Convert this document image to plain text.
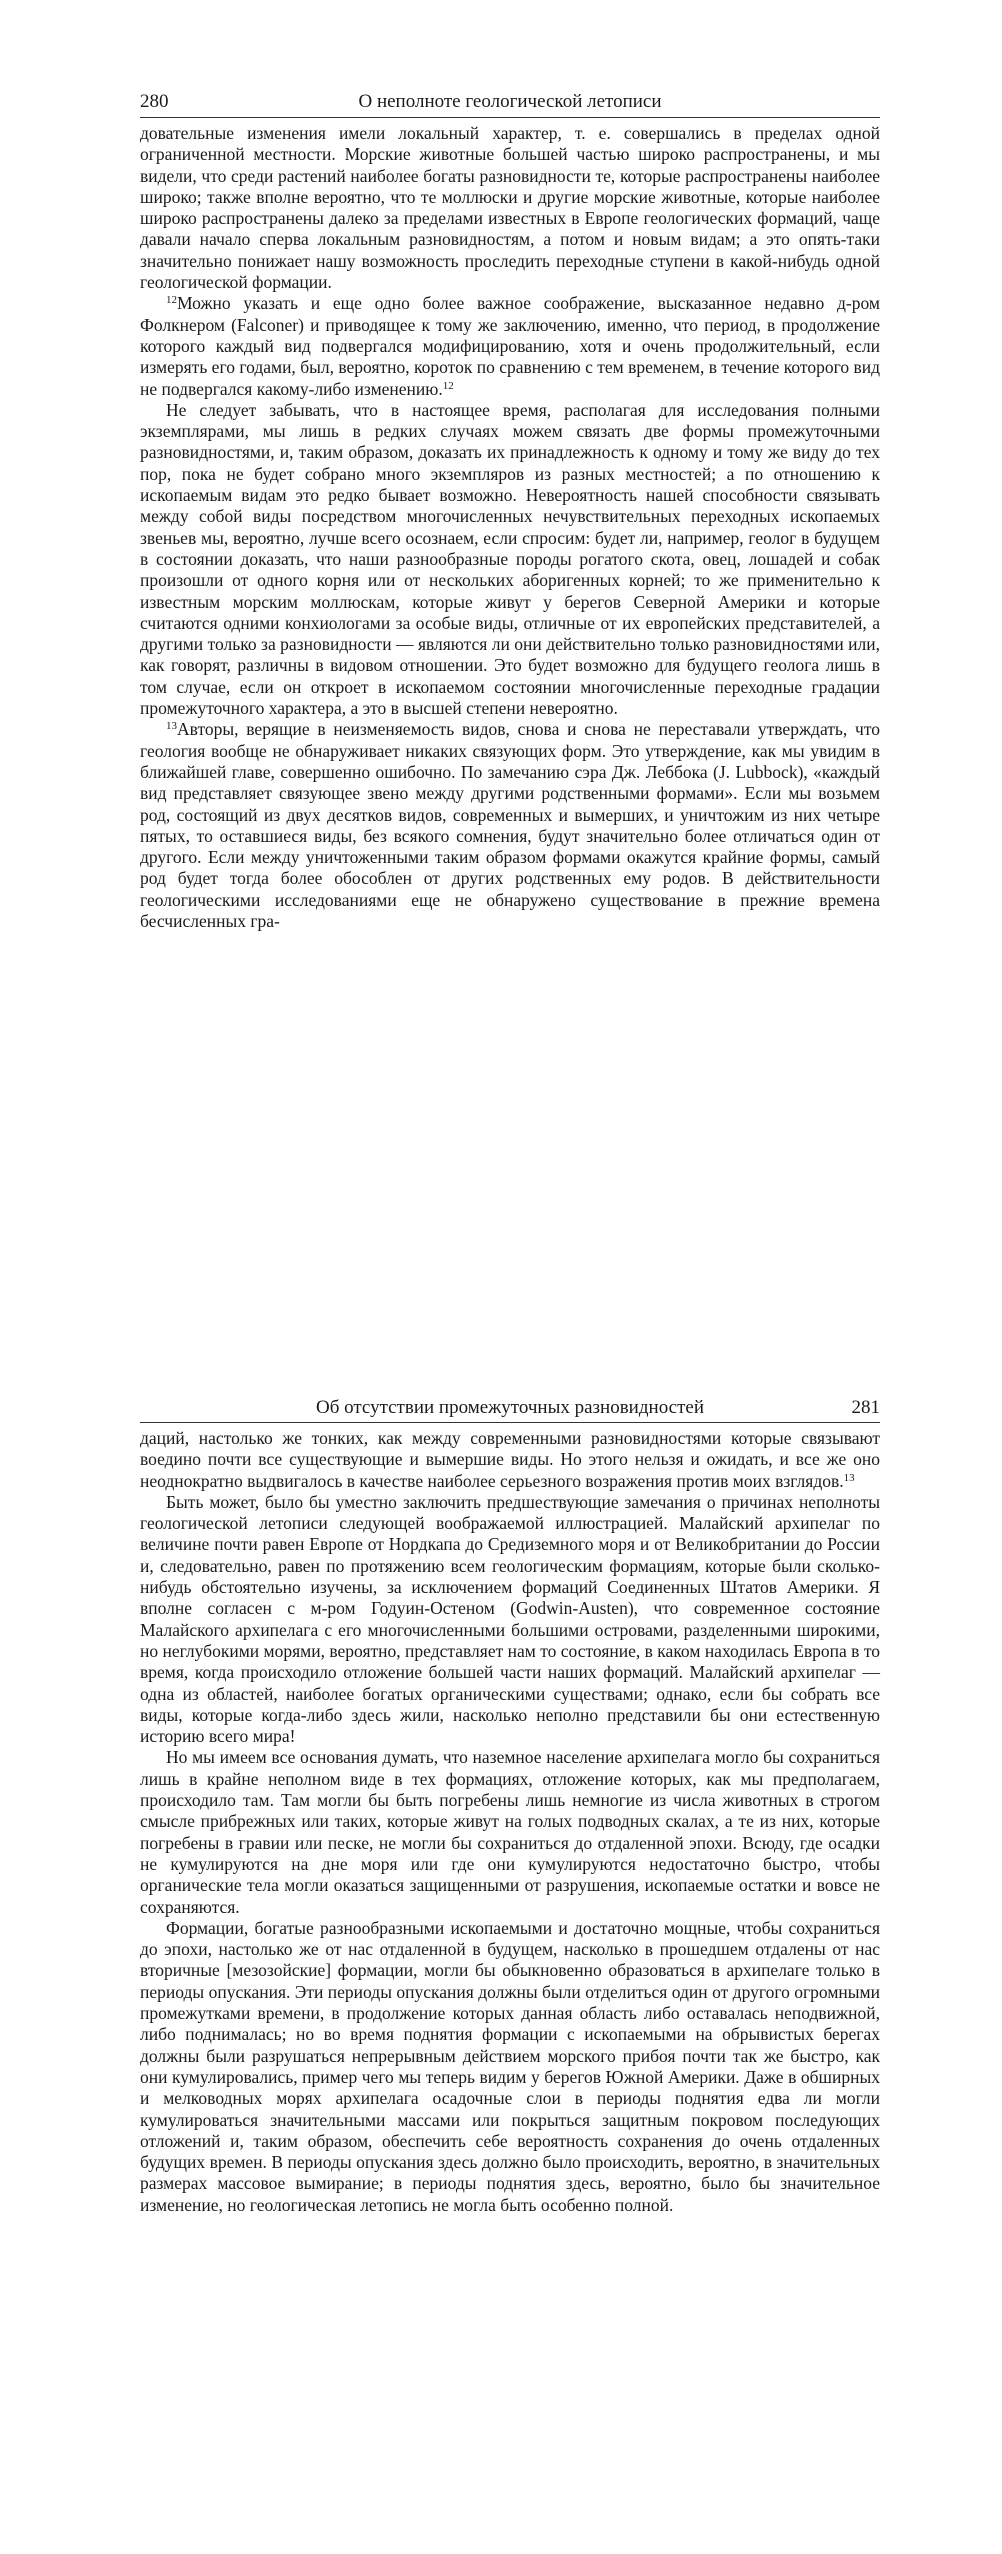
280	О неполноте геологической летописи

довательные изменения имели локальный характер, т. е. совершались в пределах одной ограниченной местности. Морские животные большей частью широко распространены, и мы видели, что среди растений наиболее богаты разновидности те, которые распространены наиболее широко; также вполне вероятно, что те моллюски и другие морские животные, которые наиболее широко распространены далеко за пределами известных в Европе геологических формаций, чаще давали начало сперва локальным разновидностям, а потом и новым видам; а это опять-таки значительно понижает нашу возможность проследить переходные ступени в какой-нибудь одной геологической формации.

$^{12}$Можно указать и еще одно более важное соображение, высказанное недавно д-ром Фолкнером (Falconer) и приводящее к тому же заключению, именно, что период, в продолжение которого каждый вид подвергался модифицированию, хотя и очень продолжительный, если измерять его годами, был, вероятно, короток по сравнению с тем временем, в течение которого вид не подвергался какому-либо изменению.$^{12}$

Не следует забывать, что в настоящее время, располагая для исследования полными экземплярами, мы лишь в редких случаях можем связать две формы промежуточными разновидностями, и, таким образом, доказать их принадлежность к одному и тому же виду до тех пор, пока не будет собрано много экземпляров из разных местностей; а по отношению к ископаемым видам это редко бывает возможно. Невероятность нашей способности связывать между собой виды посредством многочисленных нечувствительных переходных ископаемых звеньев мы, вероятно, лучше всего осознаем, если спросим: будет ли, например, геолог в будущем в состоянии доказать, что наши разнообразные породы рогатого скота, овец, лошадей и собак произошли от одного корня или от нескольких аборигенных корней; то же применительно к известным морским моллюскам, которые живут у берегов Северной Америки и которые считаются одними конхиологами за особые виды, отличные от их европейских представителей, а другими только за разновидности — являются ли они действительно только разновидностями или, как говорят, различны в видовом отношении. Это будет возможно для будущего геолога лишь в том случае, если он откроет в ископаемом состоянии многочисленные переходные градации промежуточного характера, а это в высшей степени невероятно.

$^{13}$Авторы, верящие в неизменяемость видов, снова и снова не переставали утверждать, что геология вообще не обнаруживает никаких связующих форм. Это утверждение, как мы увидим в ближайшей главе, совершенно ошибочно. По замечанию сэра Дж. Леббока (J. Lubbock), «каждый вид представляет связующее звено между другими родственными формами». Если мы возьмем род, состоящий из двух десятков видов, современных и вымерших, и уничтожим из них четыре пятых, то оставшиеся виды, без всякого сомнения, будут значительно более отличаться один от другого. Если между уничтоженными таким образом формами окажутся крайние формы, самый род будет тогда более обособлен от других родственных ему родов. В действительности геологическими исследованиями еще не обнаружено существование в прежние времена бесчисленных гра-

Об отсутствии промежуточных разновидностей	281

даций, настолько же тонких, как между современными разновидностями которые связывают воедино почти все существующие и вымершие виды. Но этого нельзя и ожидать, и все же оно неоднократно выдвигалось в качестве наиболее серьезного возражения против моих взглядов.$^{13}$

Быть может, было бы уместно заключить предшествующие замечания о причинах неполноты геологической летописи следующей воображаемой иллюстрацией. Малайский архипелаг по величине почти равен Европе от Нордкапа до Средиземного моря и от Великобритании до России и, следовательно, равен по протяжению всем геологическим формациям, которые были сколько-нибудь обстоятельно изучены, за исключением формаций Соединенных Штатов Америки. Я вполне согласен с м-ром Годуин-Остеном (Godwin-Austen), что современное состояние Малайского архипелага с его многочисленными большими островами, разделенными широкими, но неглубокими морями, вероятно, представляет нам то состояние, в каком находилась Европа в то время, когда происходило отложение большей части наших формаций. Малайский архипелаг — одна из областей, наиболее богатых органическими существами; однако, если бы собрать все виды, которые когда-либо здесь жили, насколько неполно представили бы они естественную историю всего мира!

Но мы имеем все основания думать, что наземное население архипелага могло бы сохраниться лишь в крайне неполном виде в тех формациях, отложение которых, как мы предполагаем, происходило там. Там могли бы быть погребены лишь немногие из числа животных в строгом смысле прибрежных или таких, которые живут на голых подводных скалах, а те из них, которые погребены в гравии или песке, не могли бы сохраниться до отдаленной эпохи. Всюду, где осадки не кумулируются на дне моря или где они кумулируются недостаточно быстро, чтобы органические тела могли оказаться защищенными от разрушения, ископаемые остатки и вовсе не сохраняются.

Формации, богатые разнообразными ископаемыми и достаточно мощные, чтобы сохраниться до эпохи, настолько же от нас отдаленной в будущем, насколько в прошедшем отдалены от нас вторичные [мезозойские] формации, могли бы обыкновенно образоваться в архипелаге только в периоды опускания. Эти периоды опускания должны были отделиться один от другого огромными промежутками времени, в продолжение которых данная область либо оставалась неподвижной, либо поднималась; но во время поднятия формации с ископаемыми на обрывистых берегах должны были разрушаться непрерывным действием морского прибоя почти так же быстро, как они кумулировались, пример чего мы теперь видим у берегов Южной Америки. Даже в обширных и мелководных морях архипелага осадочные слои в периоды поднятия едва ли могли кумулироваться значительными массами или покрыться защитным покровом последующих отложений и, таким образом, обеспечить себе вероятность сохранения до очень отдаленных будущих времен. В периоды опускания здесь должно было происходить, вероятно, в значительных размерах массовое вымирание; в периоды поднятия здесь, вероятно, было бы значительное изменение, но геологическая летопись не могла быть особенно полной.
